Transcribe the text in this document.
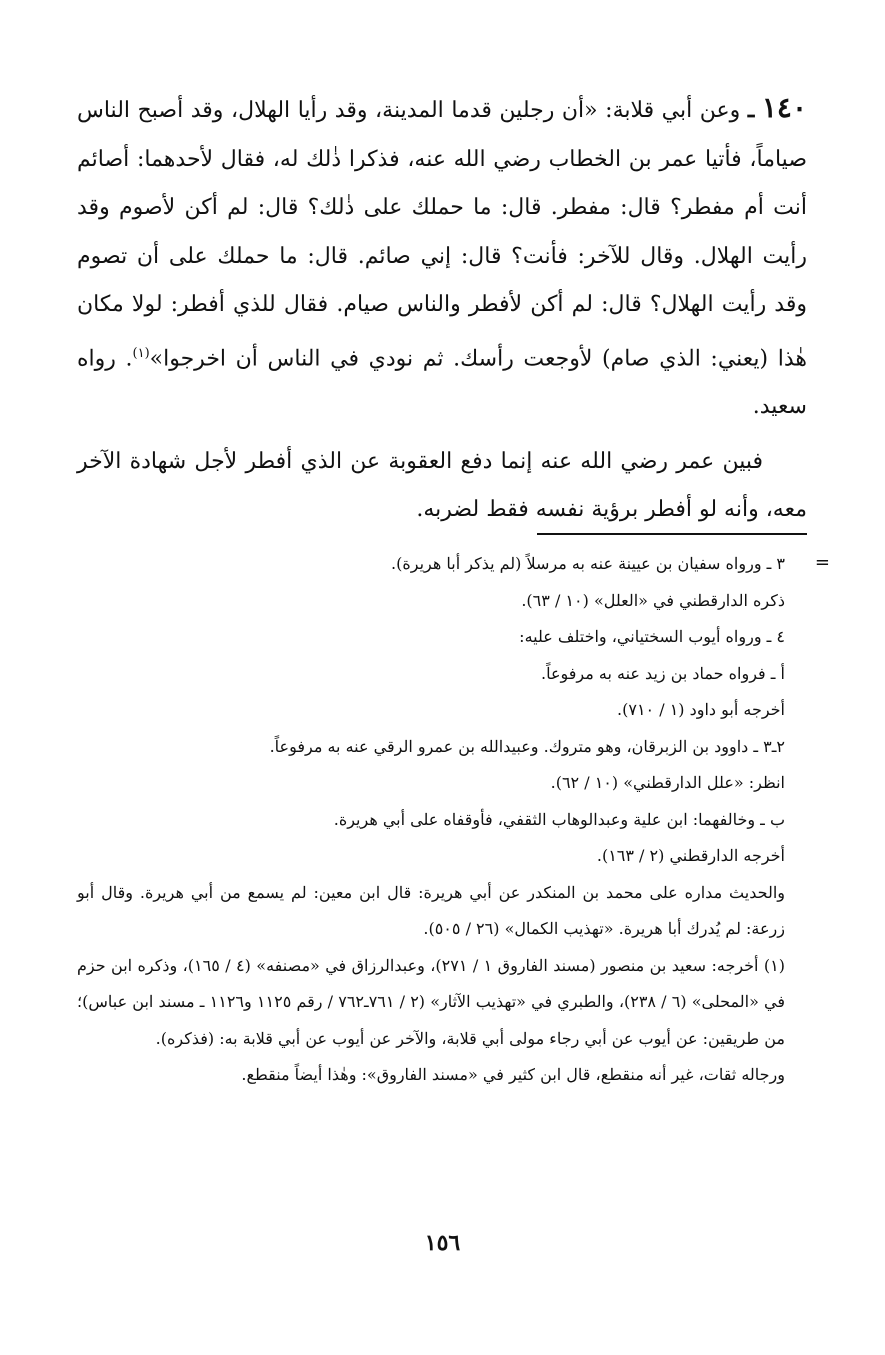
١٤٠ ـ وعن أبي قلابة: «أن رجلين قدما المدينة، وقد رأيا الهلال، وقد أصبح الناس صياماً، فأتيا عمر بن الخطاب رضي الله عنه، فذكرا ذٰلك له، فقال لأحدهما: أصائم أنت أم مفطر؟ قال: مفطر. قال: ما حملك على ذٰلك؟ قال: لم أكن لأصوم وقد رأيت الهلال. وقال للآخر: فأنت؟ قال: إني صائم. قال: ما حملك على أن تصوم وقد رأيت الهلال؟ قال: لم أكن لأفطر والناس صيام. فقال للذي أفطر: لولا مكان هٰذا (يعني: الذي صام) لأوجعت رأسك. ثم نودي في الناس أن اخرجوا»$^{(١)}$. رواه سعيد.

فبين عمر رضي الله عنه إنما دفع العقوبة عن الذي أفطر لأجل شهادة الآخر معه، وأنه لو أفطر برؤية نفسه فقط لضربه.

=

٣ ـ ورواه سفيان بن عيينة عنه به مرسلاً (لم يذكر أبا هريرة).

ذكره الدارقطني في «العلل» (١٠ / ٦٣).

٤ ـ ورواه أيوب السختياني، واختلف عليه:

أ ـ فرواه حماد بن زيد عنه به مرفوعاً.

أخرجه أبو داود (١ / ٧١٠).

٢ـ٣ ـ داوود بن الزبرقان، وهو متروك. وعبيدالله بن عمرو الرقي عنه به مرفوعاً.

انظر: «علل الدارقطني» (١٠ / ٦٢).

ب ـ وخالفهما: ابن علية وعبدالوهاب الثقفي، فأوقفاه على أبي هريرة.

أخرجه الدارقطني (٢ / ١٦٣).

والحديث مداره على محمد بن المنكدر عن أبي هريرة: قال ابن معين: لم يسمع من أبي هريرة. وقال أبو زرعة: لم يُدرك أبا هريرة. «تهذيب الكمال» (٢٦ / ٥٠٥).

(١) أخرجه: سعيد بن منصور (مسند الفاروق ١ / ٢٧١)، وعبدالرزاق في «مصنفه» (٤ / ١٦٥)، وذكره ابن حزم في «المحلى» (٦ / ٢٣٨)، والطبري في «تهذيب الآثار» (٢ / ٧٦١ـ٧٦٢ / رقم ١١٢٥ و١١٢٦ ـ مسند ابن عباس)؛ من طريقين: عن أيوب عن أبي رجاء مولى أبي قلابة، والآخر عن أيوب عن أبي قلابة به: (فذكره).

ورجاله ثقات، غير أنه منقطع، قال ابن كثير في «مسند الفاروق»: وهٰذا أيضاً منقطع.

١٥٦
